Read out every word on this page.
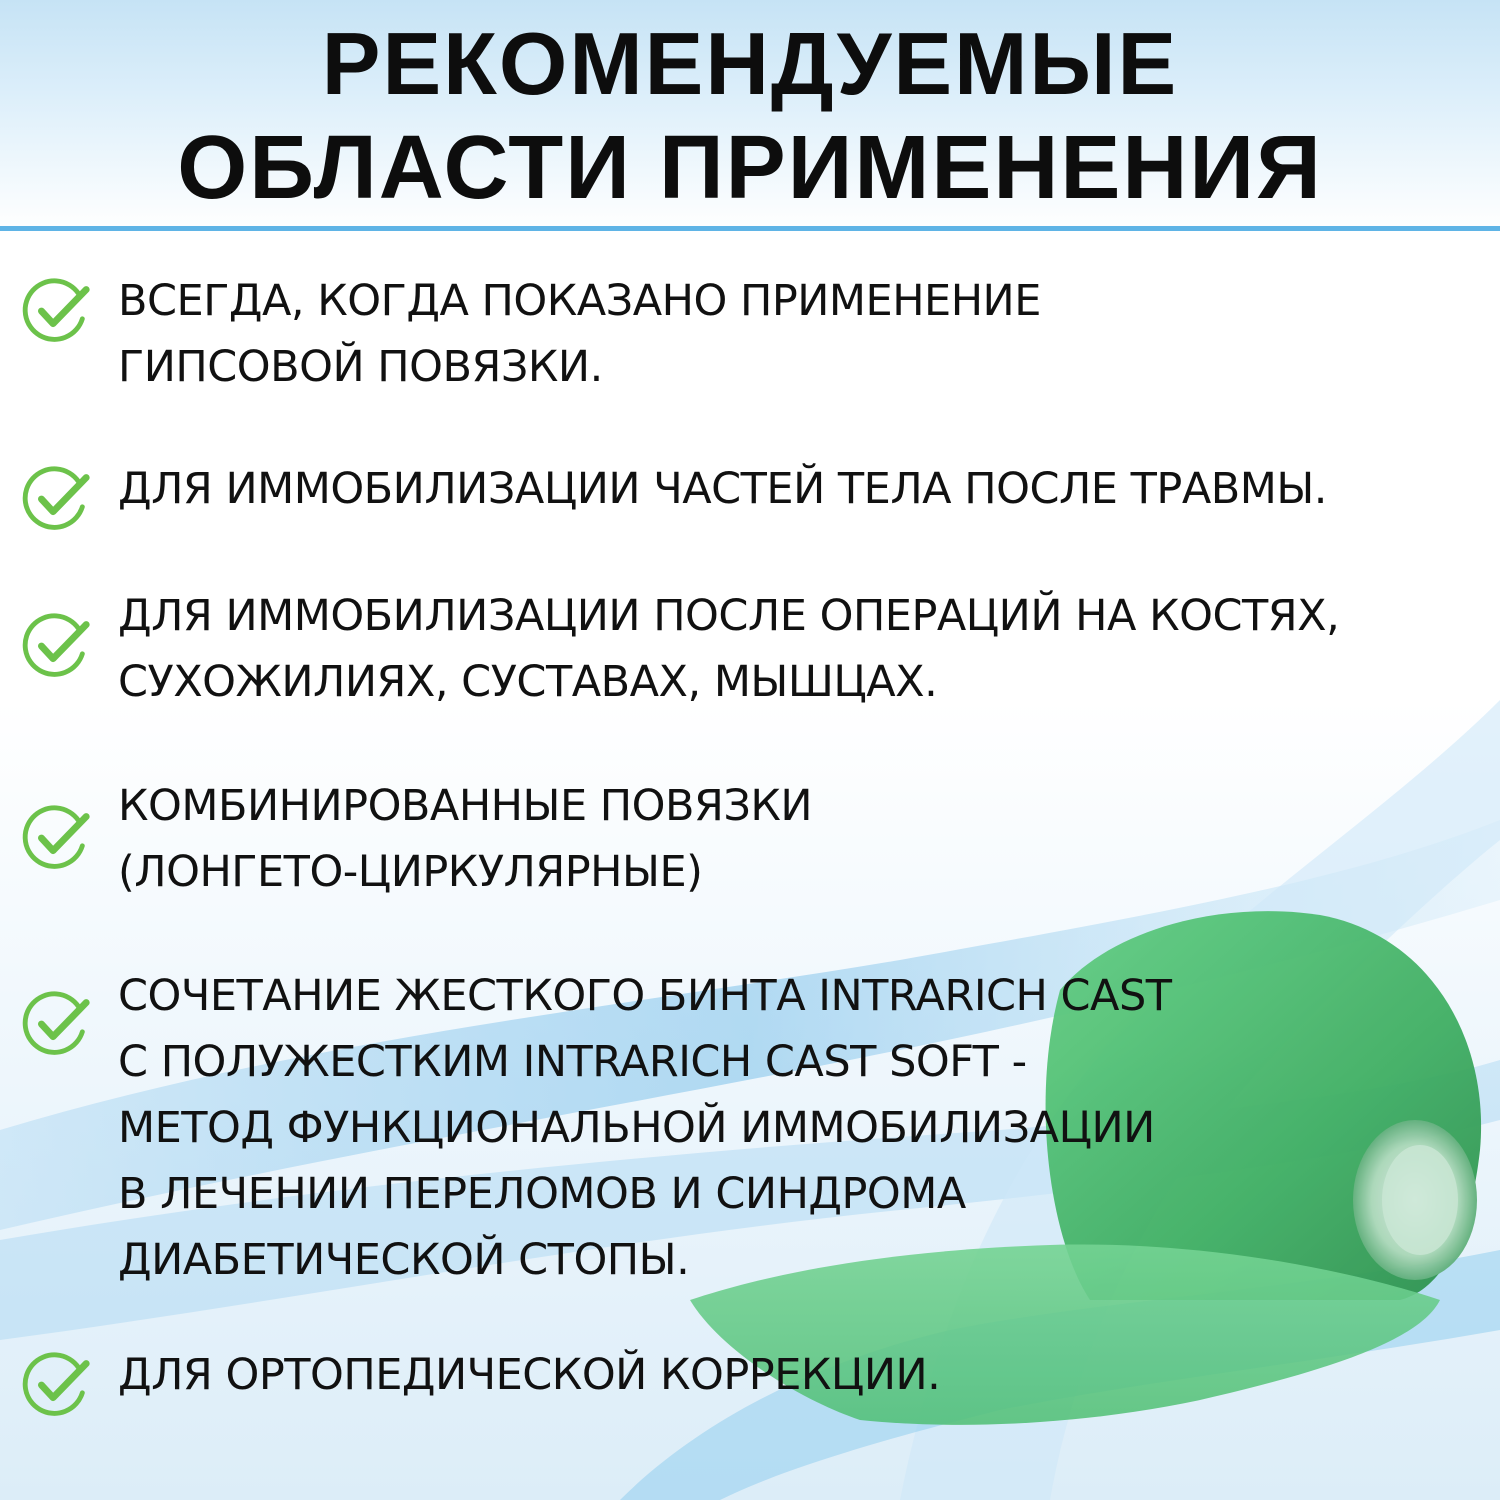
РЕКОМЕНДУЕМЫЕ
ОБЛАСТИ ПРИМЕНЕНИЯ
ВСЕГДА, КОГДА ПОКАЗАНО ПРИМЕНЕНИЕ
ГИПСОВОЙ ПОВЯЗКИ.
ДЛЯ ИММОБИЛИЗАЦИИ ЧАСТЕЙ ТЕЛА ПОСЛЕ ТРАВМЫ.
ДЛЯ ИММОБИЛИЗАЦИИ ПОСЛЕ ОПЕРАЦИЙ НА КОСТЯХ,
СУХОЖИЛИЯХ, СУСТАВАХ, МЫШЦАХ.
КОМБИНИРОВАННЫЕ ПОВЯЗКИ
(ЛОНГЕТО-ЦИРКУЛЯРНЫЕ)
СОЧЕТАНИЕ ЖЕСТКОГО БИНТА INTRARICH CAST
С ПОЛУЖЕСТКИМ INTRARICH CAST SOFT -
МЕТОД ФУНКЦИОНАЛЬНОЙ ИММОБИЛИЗАЦИИ
В ЛЕЧЕНИИ ПЕРЕЛОМОВ И СИНДРОМА
ДИАБЕТИЧЕСКОЙ СТОПЫ.
ДЛЯ ОРТОПЕДИЧЕСКОЙ КОРРЕКЦИИ.
